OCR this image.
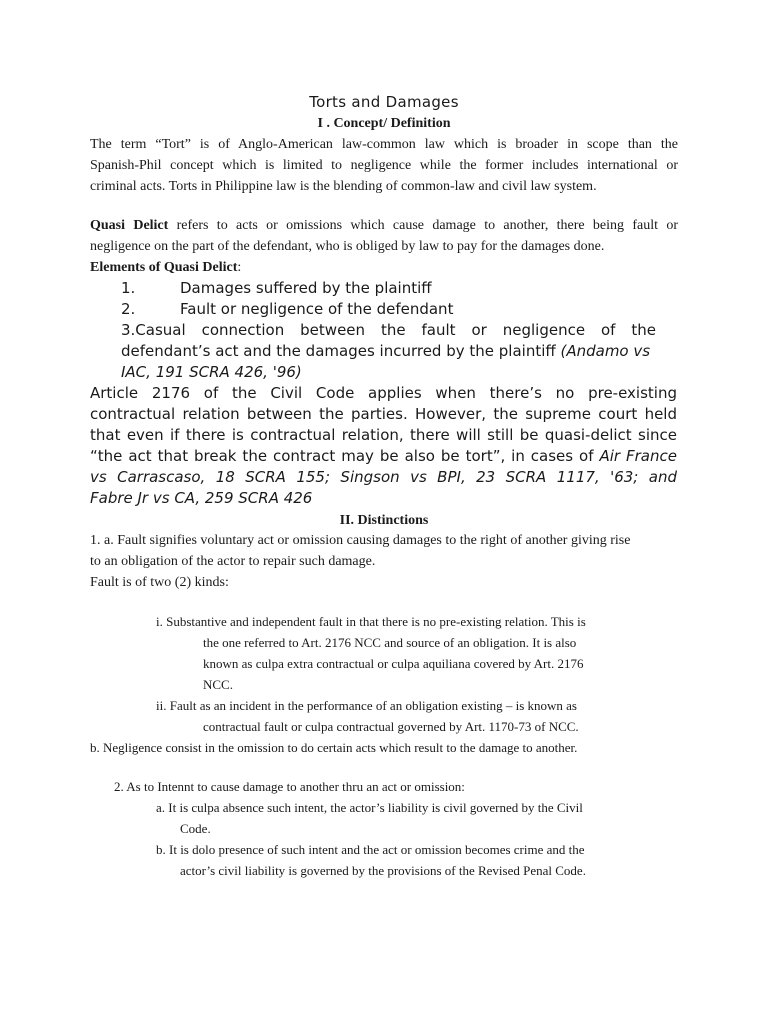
Torts and Damages
I . Concept/ Definition
The term “Tort” is of Anglo-American law-common law which is broader in scope than the
Spanish-Phil concept which is limited to negligence while the former includes international or
criminal acts. Torts in Philippine law is the blending of common-law and civil law system.
Quasi Delict refers to acts or omissions which cause damage to another, there being fault or
negligence on the part of the defendant, who is obliged by law to pay for the damages done.
Elements of Quasi Delict:
1.	Damages suffered by the plaintiff
2.	Fault or negligence of the defendant
3.Casual connection between the fault or negligence of the
defendant’s act and the damages incurred by the plaintiff (Andamo vs
IAC, 191 SCRA 426, '96)
Article 2176 of the Civil Code applies when there’s no pre-existing
contractual relation between the parties. However, the supreme court held
that even if there is contractual relation, there will still be quasi-delict since
“the act that break the contract may be also be tort”, in cases of Air France
vs Carrascaso, 18 SCRA 155; Singson vs BPI, 23 SCRA 1117, '63; and
Fabre Jr vs CA, 259 SCRA 426
II. Distinctions
1. a. Fault signifies voluntary act or omission causing damages to the right of another giving rise
to an obligation of the actor to repair such damage.
Fault is of two (2) kinds:
i. Substantive and independent fault in that there is no pre-existing relation. This is
the one referred to Art. 2176 NCC and source of an obligation. It is also
known as culpa extra contractual or culpa aquiliana covered by Art. 2176
NCC.
ii. Fault as an incident in the performance of an obligation existing – is known as
contractual fault or culpa contractual governed by Art. 1170-73 of NCC.
b. Negligence consist in the omission to do certain acts which result to the damage to another.
2. As to Intennt to cause damage to another thru an act or omission:
a. It is culpa absence such intent, the actor’s liability is civil governed by the Civil
Code.
b. It is dolo presence of such intent and the act or omission becomes crime and the
actor’s civil liability is governed by the provisions of the Revised Penal Code.
